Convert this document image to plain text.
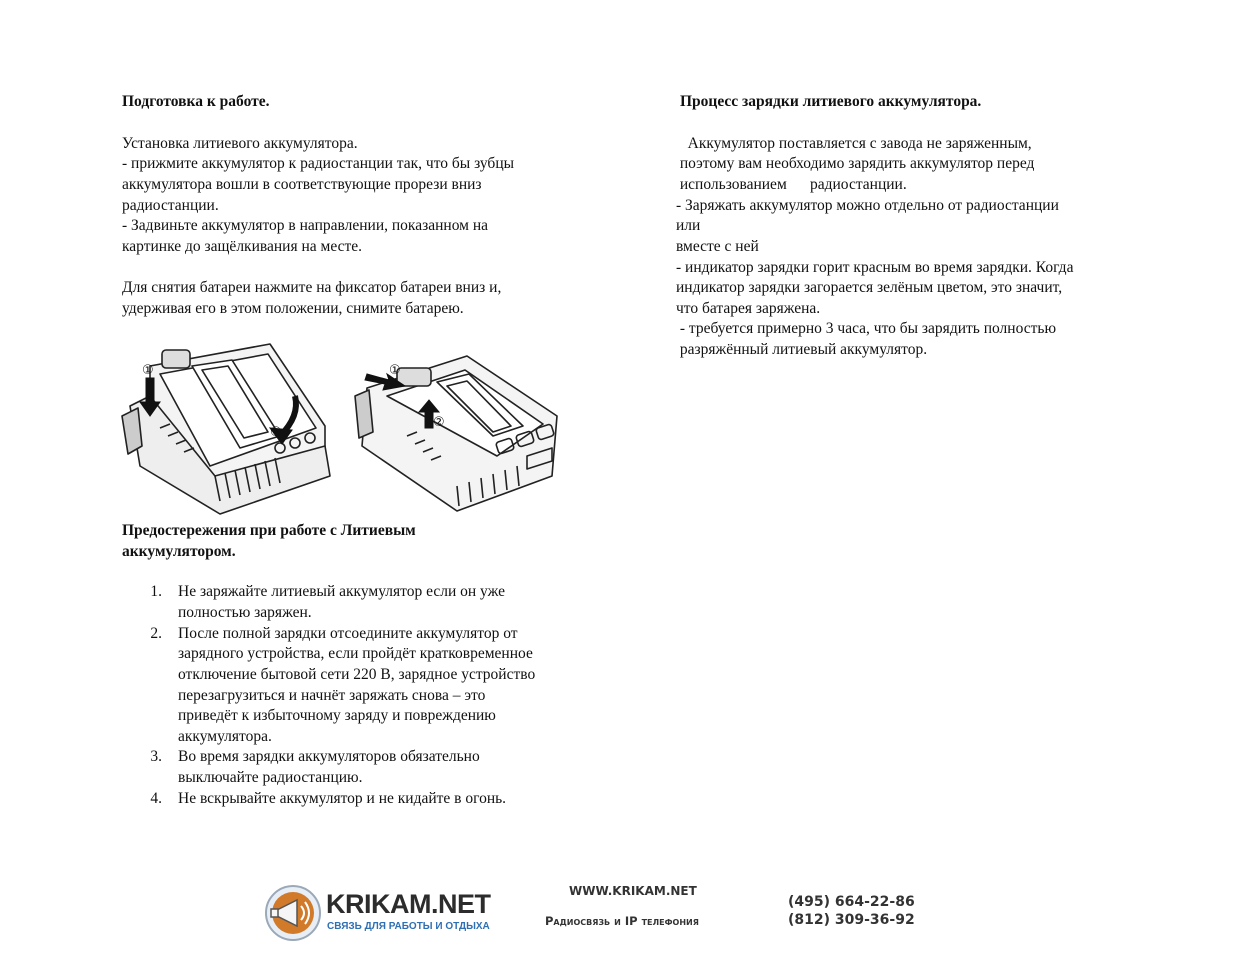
Подготовка к работе.
Установка литиевого аккумулятора.
- прижмите аккумулятор к радиостанции так, что бы зубцы
аккумулятора вошли в соответствующие прорези вниз
радиостанции.
- Задвиньте аккумулятор в направлении, показанном на
картинке до защёлкивания на месте.
Для снятия батареи нажмите на фиксатор батареи вниз и,
удерживая его в этом положении, снимите батарею.
①
②
①
②
Предостережения при работе с Литиевым
аккумулятором.
1. Не заряжайте литиевый аккумулятор если он уже
полностью заряжен.
2. После полной зарядки отсоедините аккумулятор от
зарядного устройства, если пройдёт кратковременное
отключение бытовой сети 220 В, зарядное устройство
перезагрузиться и начнёт заряжать снова – это
приведёт к избыточному заряду и повреждению
аккумулятора.
3. Во время зарядки аккумуляторов обязательно
выключайте радиостанцию.
4. Не вскрывайте аккумулятор и не кидайте в огонь.
Процесс зарядки литиевого аккумулятора.
Аккумулятор поставляется с завода не заряженным,
поэтому вам необходимо зарядить аккумулятор перед
использованием      радиостанции.
- Заряжать аккумулятор можно отдельно от радиостанции
или
вместе с ней
- индикатор зарядки горит красным во время зарядки. Когда
индикатор зарядки загорается зелёным цветом, это значит,
что батарея заряжена.
- требуется примерно 3 часа, что бы зарядить полностью
разряжённый литиевый аккумулятор.
KRIKAM.NET
СВЯЗЬ ДЛЯ РАБОТЫ И ОТДЫХА
WWW.KRIKAM.NET
Радиосвязь и IP телефония
(495) 664-22-86
(812) 309-36-92
